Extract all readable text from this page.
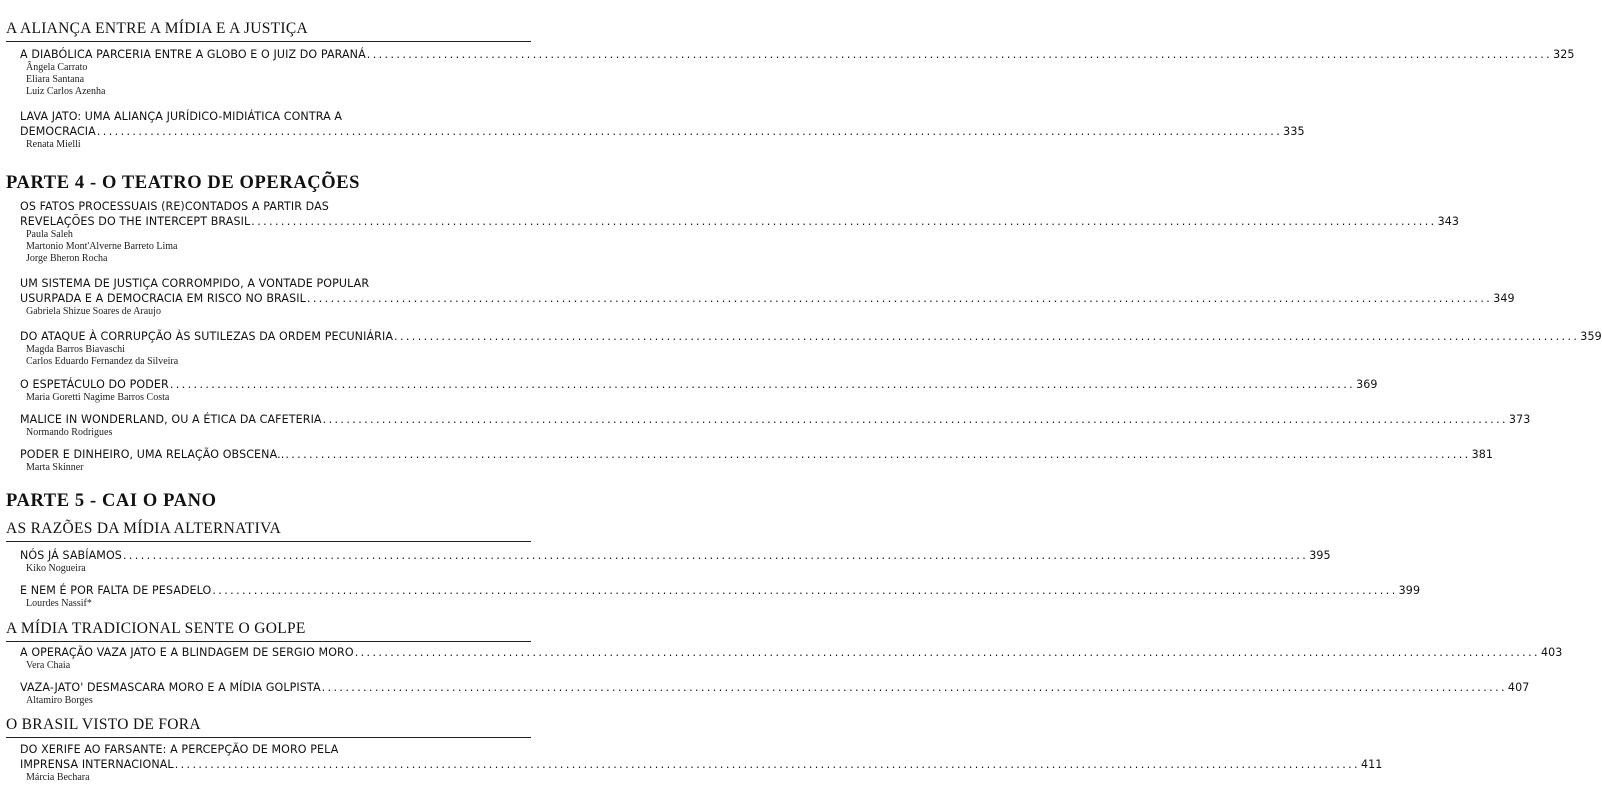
A ALIANÇA ENTRE A MÍDIA E A JUSTIÇA
A DIABÓLICA PARCERIA ENTRE A GLOBO E O JUIZ DO PARANÁ ........................................................................................................................................................................................................ 325
Ângela Carrato
Eliara Santana
Luiz Carlos Azenha
LAVA JATO: UMA ALIANÇA JURÍDICO-MIDIÁTICA CONTRA A
DEMOCRACIA ........................................................................................................................................................................................................ 335
Renata Mielli
PARTE 4 - O TEATRO DE OPERAÇÕES
OS FATOS PROCESSUAIS (RE)CONTADOS A PARTIR DAS
REVELAÇÕES DO THE INTERCEPT BRASIL ........................................................................................................................................................................................................ 343
Paula Saleh
Martonio Mont'Alverne Barreto Lima
Jorge Bheron Rocha
UM SISTEMA DE JUSTIÇA CORROMPIDO, A VONTADE POPULAR
USURPADA E A DEMOCRACIA EM RISCO NO BRASIL ........................................................................................................................................................................................................ 349
Gabriela Shizue Soares de Araujo
DO ATAQUE À CORRUPÇÃO ÀS SUTILEZAS DA ORDEM PECUNIÁRIA ........................................................................................................................................................................................................ 359
Magda Barros Biavaschi
Carlos Eduardo Fernandez da Silveira
O ESPETÁCULO DO PODER ........................................................................................................................................................................................................ 369
Maria Goretti Nagime Barros Costa
MALICE IN WONDERLAND, OU A ÉTICA DA CAFETERIA ........................................................................................................................................................................................................ 373
Normando Rodrigues
PODER E DINHEIRO, UMA RELAÇÃO OBSCENA.. ........................................................................................................................................................................................................ 381
Marta Skinner
PARTE 5 - CAI O PANO
AS RAZÕES DA MÍDIA ALTERNATIVA
NÓS JÁ SABÍAMOS ........................................................................................................................................................................................................ 395
Kiko Nogueira
E NEM É POR FALTA DE PESADELO ........................................................................................................................................................................................................ 399
Lourdes Nassif*
A MÍDIA TRADICIONAL SENTE O GOLPE
A OPERAÇÃO VAZA JATO E A BLINDAGEM DE SERGIO MORO ........................................................................................................................................................................................................ 403
Vera Chaia
VAZA-JATO' DESMASCARA MORO E A MÍDIA GOLPISTA ........................................................................................................................................................................................................ 407
Altamiro Borges
O BRASIL VISTO DE FORA
DO XERIFE AO FARSANTE: A PERCEPÇÃO DE MORO PELA
IMPRENSA INTERNACIONAL ........................................................................................................................................................................................................ 411
Márcia Bechara
